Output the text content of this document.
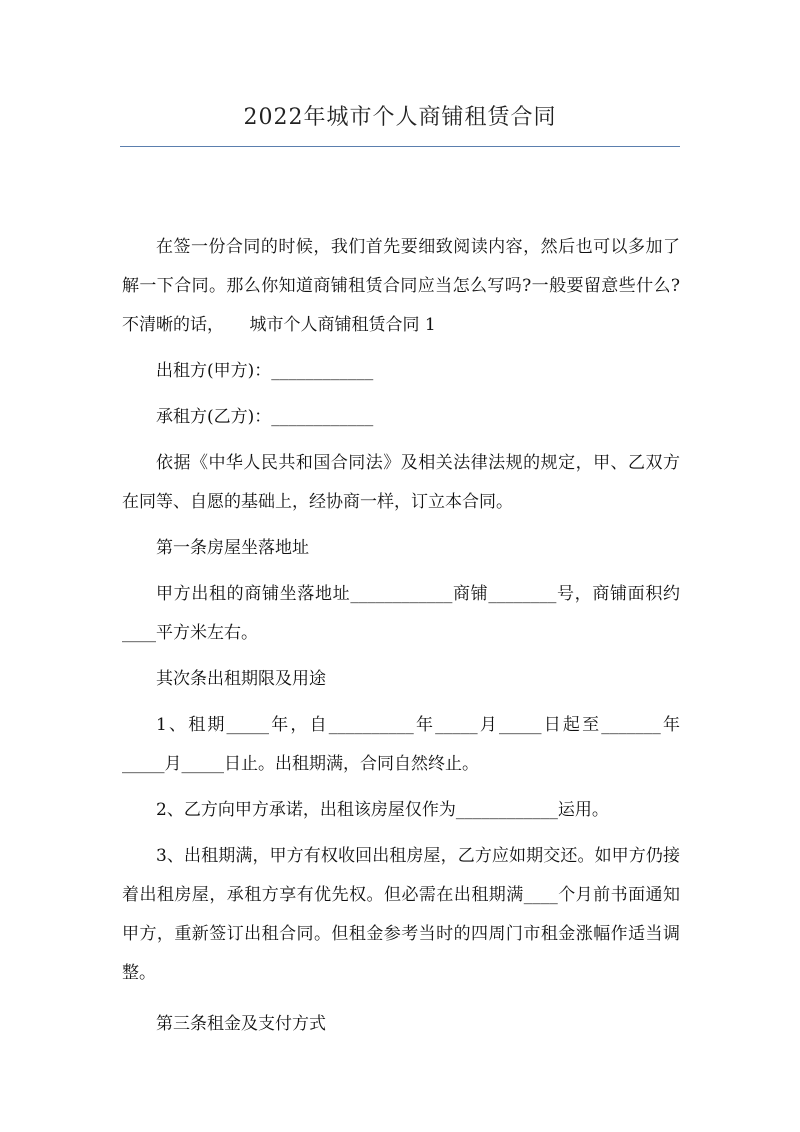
2022年城市个人商铺租赁合同

在签一份合同的时候，我们首先要细致阅读内容，然后也可以多加了解一下合同。那么你知道商铺租赁合同应当怎么写吗?一般要留意些什么?不清晰的话，　　城市个人商铺租赁合同 1

出租方(甲方)：____________

承租方(乙方)：____________

依据《中华人民共和国合同法》及相关法律法规的规定，甲、乙双方在同等、自愿的基础上，经协商一样，订立本合同。

第一条房屋坐落地址

甲方出租的商铺坐落地址____________商铺________号，商铺面积约____平方米左右。

其次条出租期限及用途

1、租期_____年，自__________年_____月_____日起至_______年_____月_____日止。出租期满，合同自然终止。

2、乙方向甲方承诺，出租该房屋仅作为____________运用。

3、出租期满，甲方有权收回出租房屋，乙方应如期交还。如甲方仍接着出租房屋，承租方享有优先权。但必需在出租期满____个月前书面通知甲方，重新签订出租合同。但租金参考当时的四周门市租金涨幅作适当调整。

第三条租金及支付方式
